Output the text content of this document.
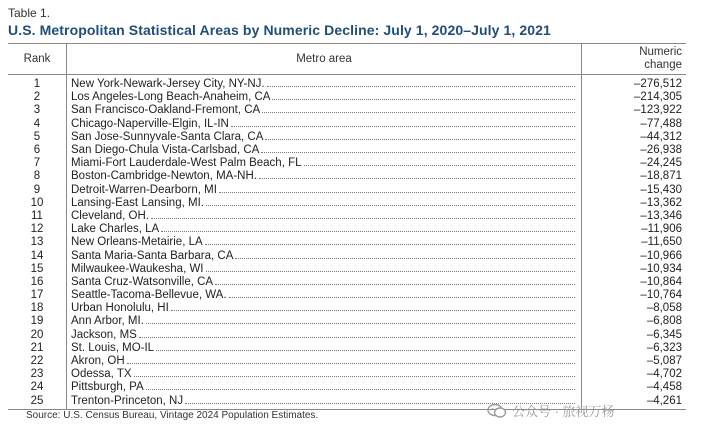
Table 1.
U.S. Metropolitan Statistical Areas by Numeric Decline: July 1, 2020–July 1, 2021
Rank	Metro area	Numeric
change
1	New York-Newark-Jersey City, NY-NJ.	–276,512
2	Los Angeles-Long Beach-Anaheim, CA	–214,305
3	San Francisco-Oakland-Fremont, CA	–123,922
4	Chicago-Naperville-Elgin, IL-IN	–77,488
5	San Jose-Sunnyvale-Santa Clara, CA	–44,312
6	San Diego-Chula Vista-Carlsbad, CA	–26,938
7	Miami-Fort Lauderdale-West Palm Beach, FL	–24,245
8	Boston-Cambridge-Newton, MA-NH.	–18,871
9	Detroit-Warren-Dearborn, MI	–15,430
10	Lansing-East Lansing, MI.	–13,362
11	Cleveland, OH.	–13,346
12	Lake Charles, LA	–11,906
13	New Orleans-Metairie, LA	–11,650
14	Santa Maria-Santa Barbara, CA	–10,966
15	Milwaukee-Waukesha, WI	–10,934
16	Santa Cruz-Watsonville, CA	–10,864
17	Seattle-Tacoma-Bellevue, WA.	–10,764
18	Urban Honolulu, HI	–8,058
19	Ann Arbor, MI.	–6,808
20	Jackson, MS	–6,345
21	St. Louis, MO-IL	–6,323
22	Akron, OH	–5,087
23	Odessa, TX	–4,702
24	Pittsburgh, PA	–4,458
25	Trenton-Princeton, NJ	–4,261
Source: U.S. Census Bureau, Vintage 2024 Population Estimates.	公众号 · 旅视万杨
